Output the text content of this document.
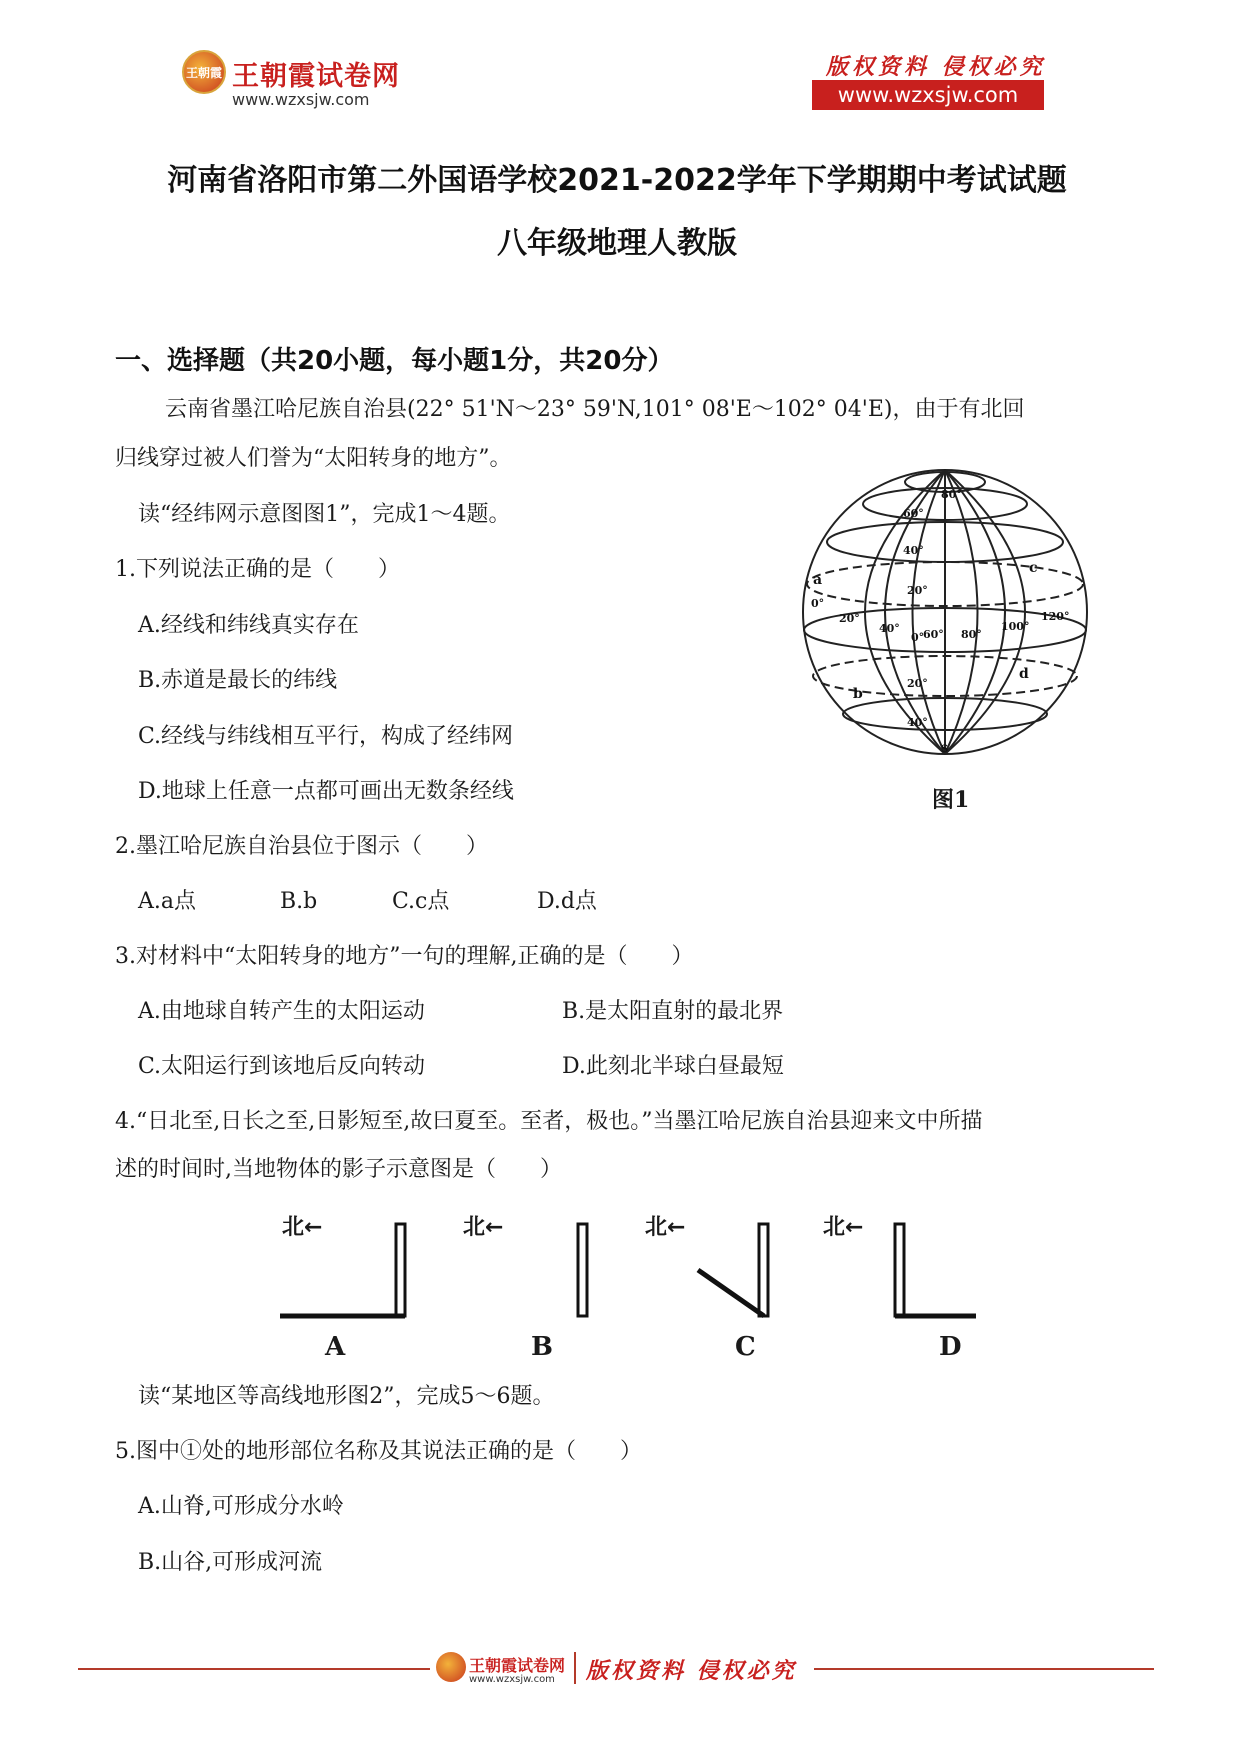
王朝霞 王朝霞试卷网
www.wzxsjw.com
版权资料 侵权必究
www.wzxsjw.com
河南省洛阳市第二外国语学校2021-2022学年下学期期中考试试题
八年级地理人教版
一、选择题（共20小题，每小题1分，共20分）
云南省墨江哈尼族自治县(22° 51'N～23° 59'N,101° 08'E～102° 04'E)，由于有北回
归线穿过被人们誉为“太阳转身的地方”。
读“经纬网示意图图1”，完成1～4题。
1.下列说法正确的是（　　）
A.经线和纬线真实存在
B.赤道是最长的纬线
C.经线与纬线相互平行，构成了经纬网
D.地球上任意一点都可画出无数条经线
80°
60°
40°
20°
0°
20°
40°
0°
20°
40° 60° 80°
100°
120°
a
b
c
d
S
图1
2.墨江哈尼族自治县位于图示（　　）
A.a点	B.b	C.c点	D.d点
3.对材料中“太阳转身的地方”一句的理解,正确的是（　　）
A.由地球自转产生的太阳运动	B.是太阳直射的最北界
C.太阳运行到该地后反向转动	D.此刻北半球白昼最短
4.“日北至,日长之至,日影短至,故曰夏至。至者，极也。”当墨江哈尼族自治县迎来文中所描
述的时间时,当地物体的影子示意图是（　　）
北←	北←	北←	北←
A	B	C	D
读“某地区等高线地形图2”，完成5～6题。
5.图中①处的地形部位名称及其说法正确的是（　　）
A.山脊,可形成分水岭
B.山谷,可形成河流
王朝霞试卷网
www.wzxsjw.com 版权资料 侵权必究
